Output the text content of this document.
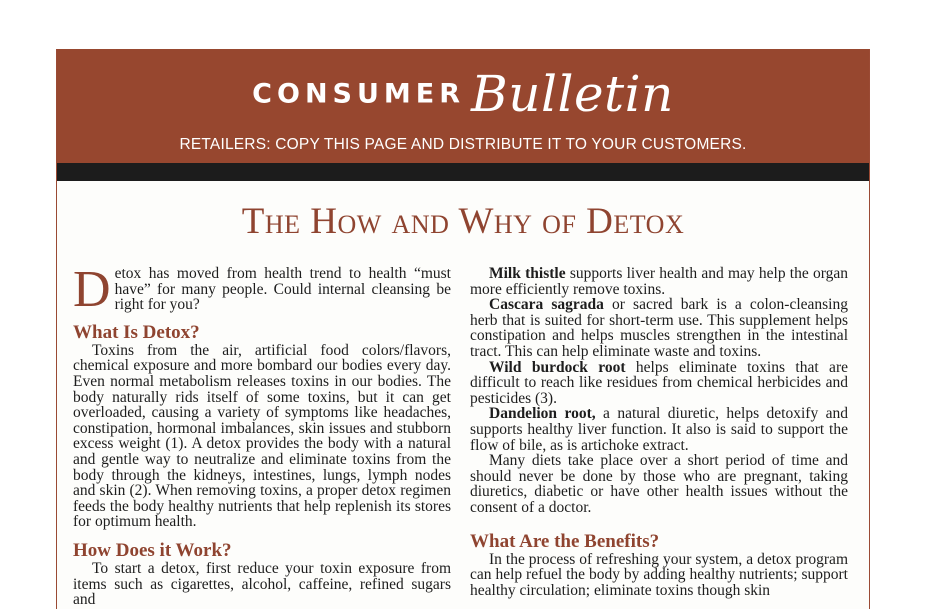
CONSUMER Bulletin
RETAILERS: COPY THIS PAGE AND DISTRIBUTE IT TO YOUR CUSTOMERS.
The How and Why of Detox

Detox has moved from health trend to health “must have” for many people. Could internal cleansing be right for you?

What Is Detox?

Toxins from the air, artificial food colors/flavors, chemical exposure and more bombard our bodies every day. Even normal metabolism releases toxins in our bodies. The body naturally rids itself of some toxins, but it can get overloaded, causing a variety of symptoms like headaches, constipation, hormonal imbalances, skin issues and stubborn excess weight (1). A detox provides the body with a natural and gentle way to neutralize and eliminate toxins from the body through the kidneys, intestines, lungs, lymph nodes and skin (2). When removing toxins, a proper detox regimen feeds the body healthy nutrients that help replenish its stores for optimum health.

How Does it Work?

To start a detox, first reduce your toxin exposure from items such as cigarettes, alcohol, caffeine, refined sugars and

Milk thistle supports liver health and may help the organ more efficiently remove toxins.

Cascara sagrada or sacred bark is a colon-cleansing herb that is suited for short-term use. This supplement helps constipation and helps muscles strengthen in the intestinal tract. This can help eliminate waste and toxins.

Wild burdock root helps eliminate toxins that are difficult to reach like residues from chemical herbicides and pesticides (3).

Dandelion root, a natural diuretic, helps detoxify and supports healthy liver function. It also is said to support the flow of bile, as is artichoke extract.

Many diets take place over a short period of time and should never be done by those who are pregnant, taking diuretics, diabetic or have other health issues without the consent of a doctor.

What Are the Benefits?

In the process of refreshing your system, a detox program can help refuel the body by adding healthy nutrients; support healthy circulation; eliminate toxins though skin
